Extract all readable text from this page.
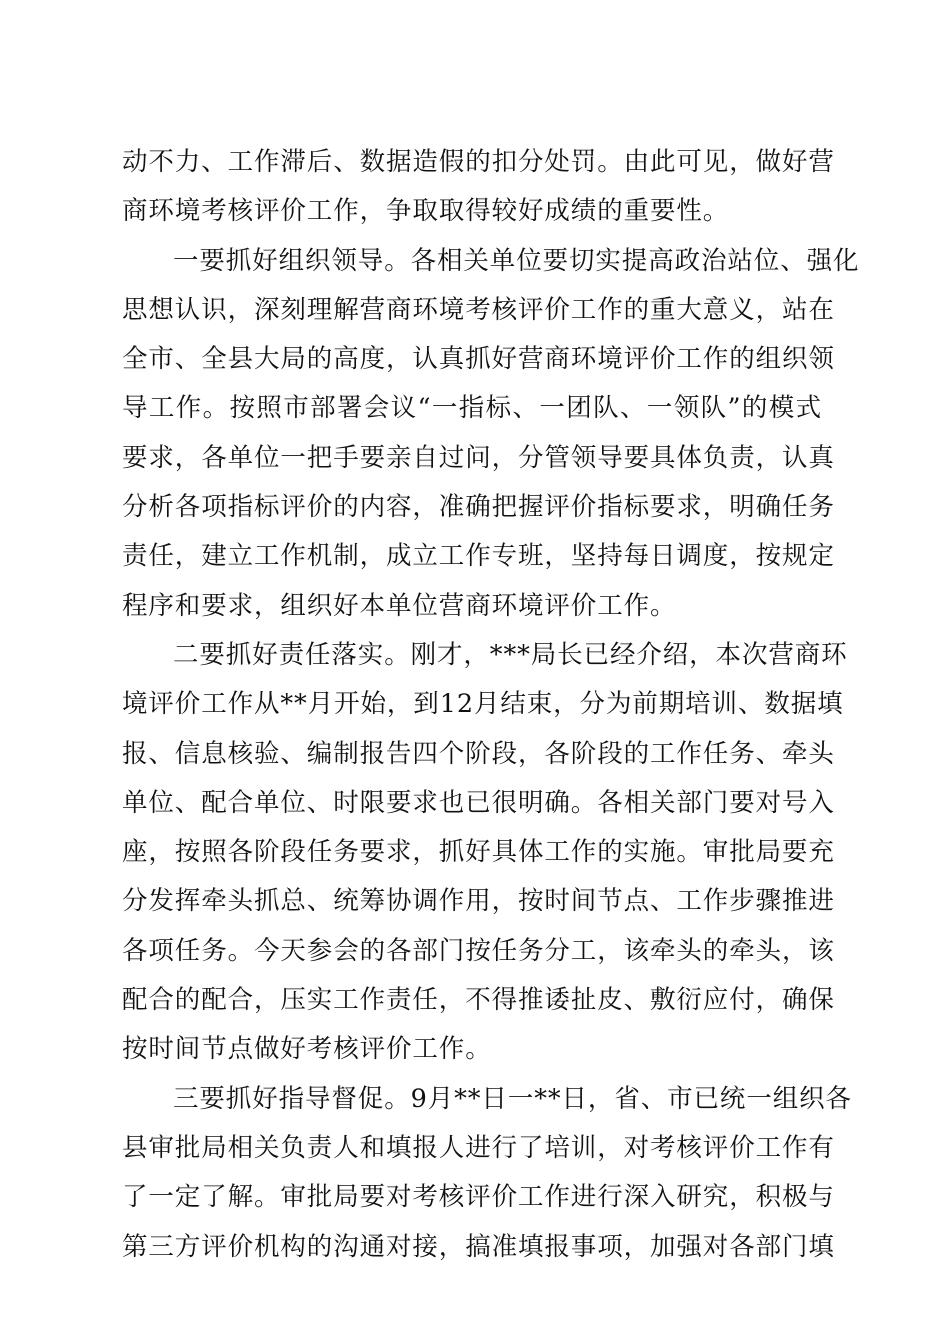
动不力、工作滞后、数据造假的扣分处罚。由此可见，做好营
商环境考核评价工作，争取取得较好成绩的重要性。

一要抓好组织领导。各相关单位要切实提高政治站位、强化
思想认识，深刻理解营商环境考核评价工作的重大意义，站在
全市、全县大局的高度，认真抓好营商环境评价工作的组织领
导工作。按照市部署会议“一指标、一团队、一领队”的模式
要求，各单位一把手要亲自过问，分管领导要具体负责，认真
分析各项指标评价的内容，准确把握评价指标要求，明确任务
责任，建立工作机制，成立工作专班，坚持每日调度，按规定
程序和要求，组织好本单位营商环境评价工作。

二要抓好责任落实。刚才，***局长已经介绍，本次营商环
境评价工作从**月开始，到12月结束，分为前期培训、数据填
报、信息核验、编制报告四个阶段，各阶段的工作任务、牵头
单位、配合单位、时限要求也已很明确。各相关部门要对号入
座，按照各阶段任务要求，抓好具体工作的实施。审批局要充
分发挥牵头抓总、统筹协调作用，按时间节点、工作步骤推进
各项任务。今天参会的各部门按任务分工，该牵头的牵头，该
配合的配合，压实工作责任，不得推诿扯皮、敷衍应付，确保
按时间节点做好考核评价工作。

三要抓好指导督促。9月**日一**日，省、市已统一组织各
县审批局相关负责人和填报人进行了培训，对考核评价工作有
了一定了解。审批局要对考核评价工作进行深入研究，积极与
第三方评价机构的沟通对接，搞准填报事项，加强对各部门填
